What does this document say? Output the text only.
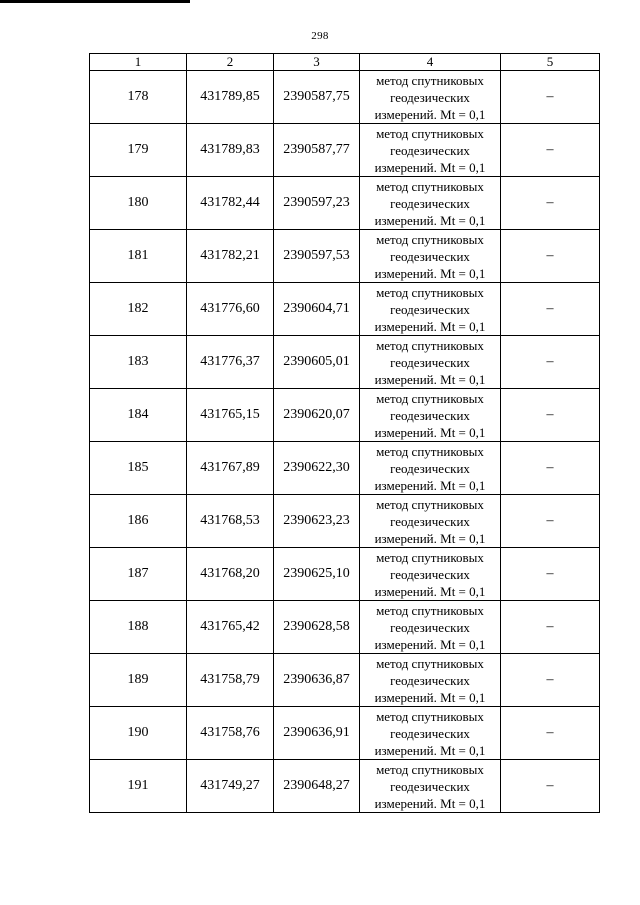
298
1	2	3	4	5
178	431789,85	2390587,75	метод спутниковых геодезических измерений. Mt = 0,1	–
179	431789,83	2390587,77	метод спутниковых геодезических измерений. Mt = 0,1	–
180	431782,44	2390597,23	метод спутниковых геодезических измерений. Mt = 0,1	–
181	431782,21	2390597,53	метод спутниковых геодезических измерений. Mt = 0,1	–
182	431776,60	2390604,71	метод спутниковых геодезических измерений. Mt = 0,1	–
183	431776,37	2390605,01	метод спутниковых геодезических измерений. Mt = 0,1	–
184	431765,15	2390620,07	метод спутниковых геодезических измерений. Mt = 0,1	–
185	431767,89	2390622,30	метод спутниковых геодезических измерений. Mt = 0,1	–
186	431768,53	2390623,23	метод спутниковых геодезических измерений. Mt = 0,1	–
187	431768,20	2390625,10	метод спутниковых геодезических измерений. Mt = 0,1	–
188	431765,42	2390628,58	метод спутниковых геодезических измерений. Mt = 0,1	–
189	431758,79	2390636,87	метод спутниковых геодезических измерений. Mt = 0,1	–
190	431758,76	2390636,91	метод спутниковых геодезических измерений. Mt = 0,1	–
191	431749,27	2390648,27	метод спутниковых геодезических измерений. Mt = 0,1	–
